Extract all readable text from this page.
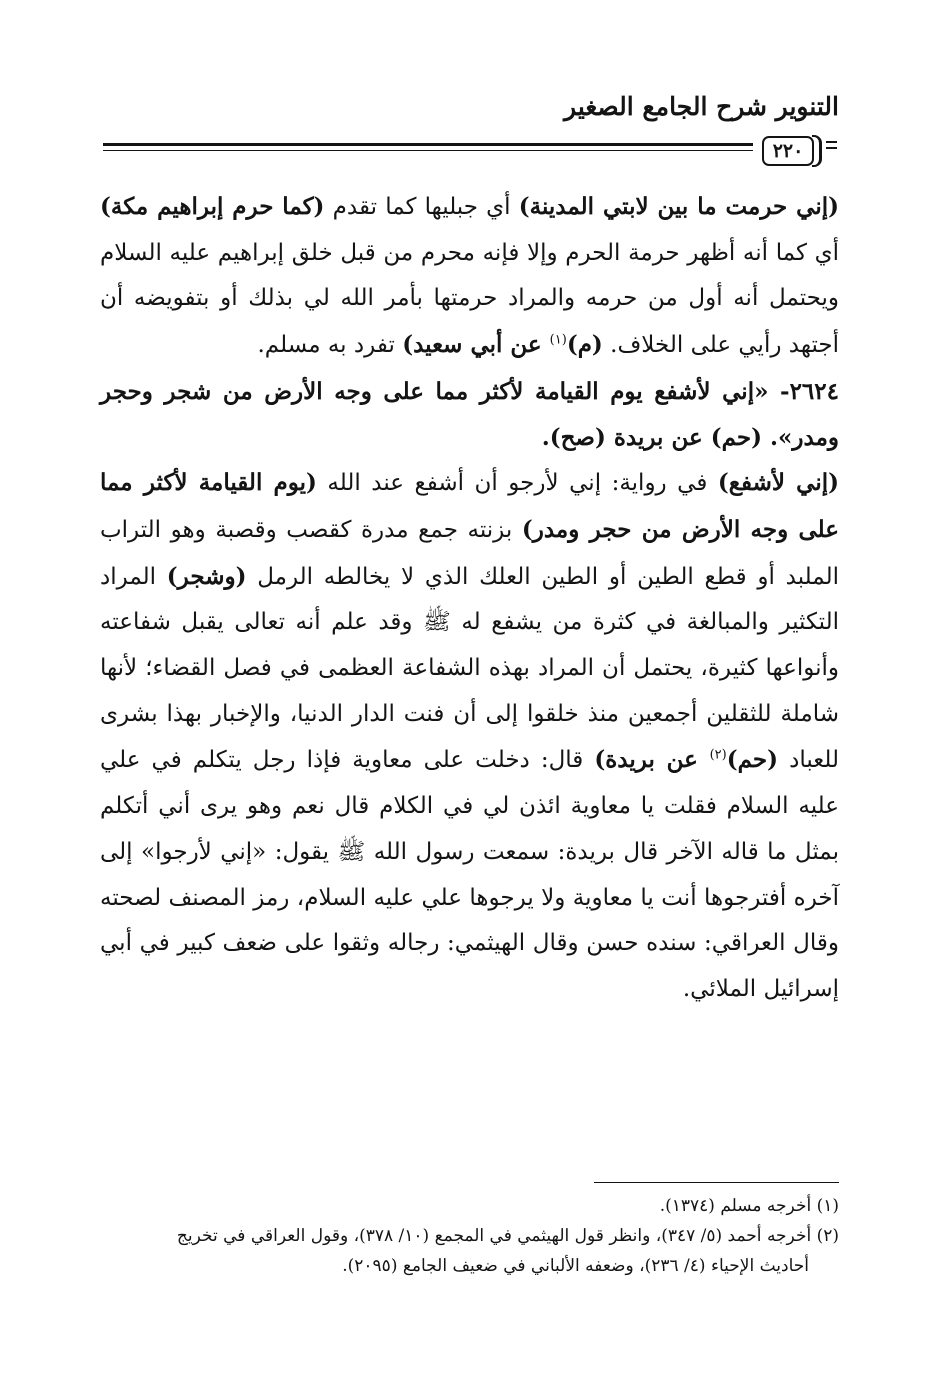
التنوير شرح الجامع الصغير
٢٢٠

(إني حرمت ما بين لابتي المدينة) أي جبليها كما تقدم (كما حرم إبراهيم مكة) أي كما أنه أظهر حرمة الحرم وإلا فإنه محرم من قبل خلق إبراهيم عليه السلام ويحتمل أنه أول من حرمه والمراد حرمتها بأمر الله لي بذلك أو بتفويضه أن أجتهد رأيي على الخلاف. (م)$^{(١)}$ عن أبي سعيد) تفرد به مسلم.

٢٦٢٤- «إني لأشفع يوم القيامة لأكثر مما على وجه الأرض من شجر وحجر ومدر». (حم) عن بريدة (صح).

(إني لأشفع) في رواية: إني لأرجو أن أشفع عند الله (يوم القيامة لأكثر مما على وجه الأرض من حجر ومدر) بزنته جمع مدرة كقصب وقصبة وهو التراب الملبد أو قطع الطين أو الطين العلك الذي لا يخالطه الرمل (وشجر) المراد التكثير والمبالغة في كثرة من يشفع له ﷺ وقد علم أنه تعالى يقبل شفاعته وأنواعها كثيرة، يحتمل أن المراد بهذه الشفاعة العظمى في فصل القضاء؛ لأنها شاملة للثقلين أجمعين منذ خلقوا إلى أن فنت الدار الدنيا، والإخبار بهذا بشرى للعباد (حم)$^{(٢)}$ عن بريدة) قال: دخلت على معاوية فإذا رجل يتكلم في علي عليه السلام فقلت يا معاوية ائذن لي في الكلام قال نعم وهو يرى أني أتكلم بمثل ما قاله الآخر قال بريدة: سمعت رسول الله ﷺ يقول: «إني لأرجوا» إلى آخره أفترجوها أنت يا معاوية ولا يرجوها علي عليه السلام، رمز المصنف لصحته وقال العراقي: سنده حسن وقال الهيثمي: رجاله وثقوا على ضعف كبير في أبي إسرائيل الملائي.

(١) أخرجه مسلم (١٣٧٤).

(٢) أخرجه أحمد (٥/ ٣٤٧)، وانظر قول الهيثمي في المجمع (١٠/ ٣٧٨)، وقول العراقي في تخريج

أحاديث الإحياء (٤/ ٢٣٦)، وضعفه الألباني في ضعيف الجامع (٢٠٩٥).
